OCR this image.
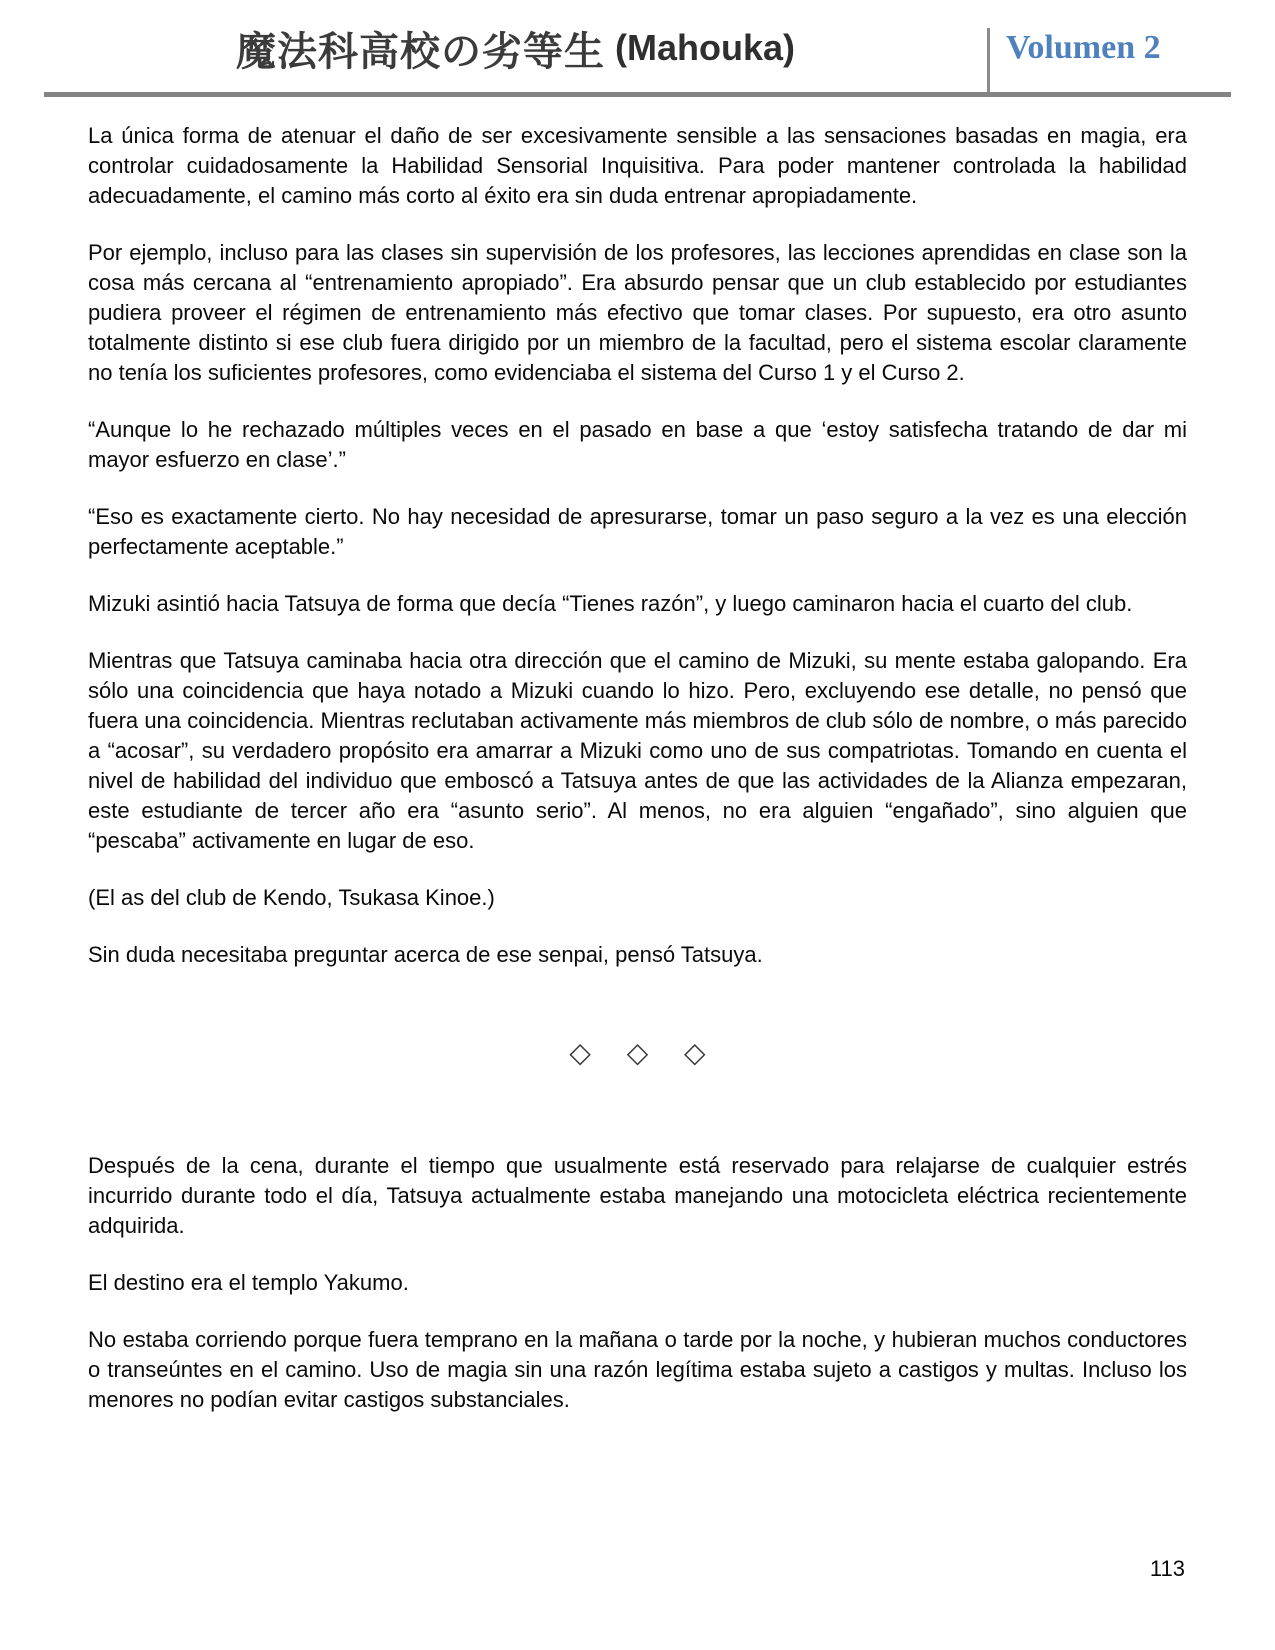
魔法科高校の劣等生 (Mahouka)	Volumen 2

La única forma de atenuar el daño de ser excesivamente sensible a las sensaciones basadas en magia, era controlar cuidadosamente la Habilidad Sensorial Inquisitiva. Para poder mantener controlada la habilidad adecuadamente, el camino más corto al éxito era sin duda entrenar apropiadamente.

Por ejemplo, incluso para las clases sin supervisión de los profesores, las lecciones aprendidas en clase son la cosa más cercana al “entrenamiento apropiado”. Era absurdo pensar que un club establecido por estudiantes pudiera proveer el régimen de entrenamiento más efectivo que tomar clases. Por supuesto, era otro asunto totalmente distinto si ese club fuera dirigido por un miembro de la facultad, pero el sistema escolar claramente no tenía los suficientes profesores, como evidenciaba el sistema del Curso 1 y el Curso 2.

“Aunque lo he rechazado múltiples veces en el pasado en base a que ‘estoy satisfecha tratando de dar mi mayor esfuerzo en clase’.”

“Eso es exactamente cierto. No hay necesidad de apresurarse, tomar un paso seguro a la vez es una elección perfectamente aceptable.”

Mizuki asintió hacia Tatsuya de forma que decía “Tienes razón”, y luego caminaron hacia el cuarto del club.

Mientras que Tatsuya caminaba hacia otra dirección que el camino de Mizuki, su mente estaba galopando. Era sólo una coincidencia que haya notado a Mizuki cuando lo hizo. Pero, excluyendo ese detalle, no pensó que fuera una coincidencia. Mientras reclutaban activamente más miembros de club sólo de nombre, o más parecido a “acosar”, su verdadero propósito era amarrar a Mizuki como uno de sus compatriotas. Tomando en cuenta el nivel de habilidad del individuo que emboscó a Tatsuya antes de que las actividades de la Alianza empezaran, este estudiante de tercer año era “asunto serio”. Al menos, no era alguien “engañado”, sino alguien que “pescaba” activamente en lugar de eso.

(El as del club de Kendo, Tsukasa Kinoe.)

Sin duda necesitaba preguntar acerca de ese senpai, pensó Tatsuya.

◇ ◇ ◇

Después de la cena, durante el tiempo que usualmente está reservado para relajarse de cualquier estrés incurrido durante todo el día, Tatsuya actualmente estaba manejando una motocicleta eléctrica recientemente adquirida.

El destino era el templo Yakumo.

No estaba corriendo porque fuera temprano en la mañana o tarde por la noche, y hubieran muchos conductores o transeúntes en el camino. Uso de magia sin una razón legítima estaba sujeto a castigos y multas. Incluso los menores no podían evitar castigos substanciales.

113
